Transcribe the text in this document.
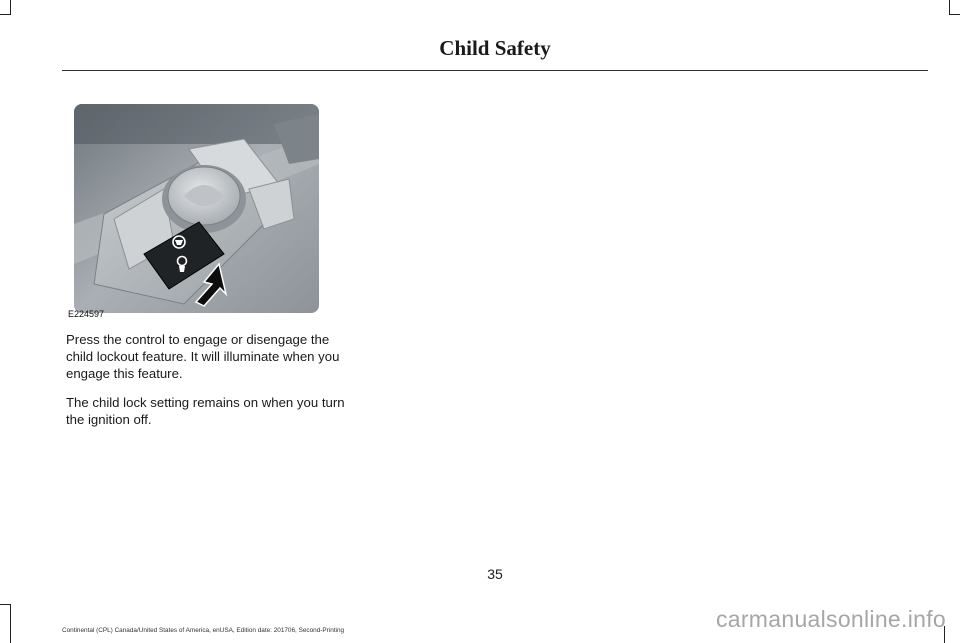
Child Safety
E224597

Press the control to engage or disengage the child lockout feature. It will illuminate when you engage this feature.

The child lock setting remains on when you turn the ignition off.

35
Continental (CPL) Canada/United States of America, enUSA, Edition date: 201706, Second-Printing	carmanualsonline.info
